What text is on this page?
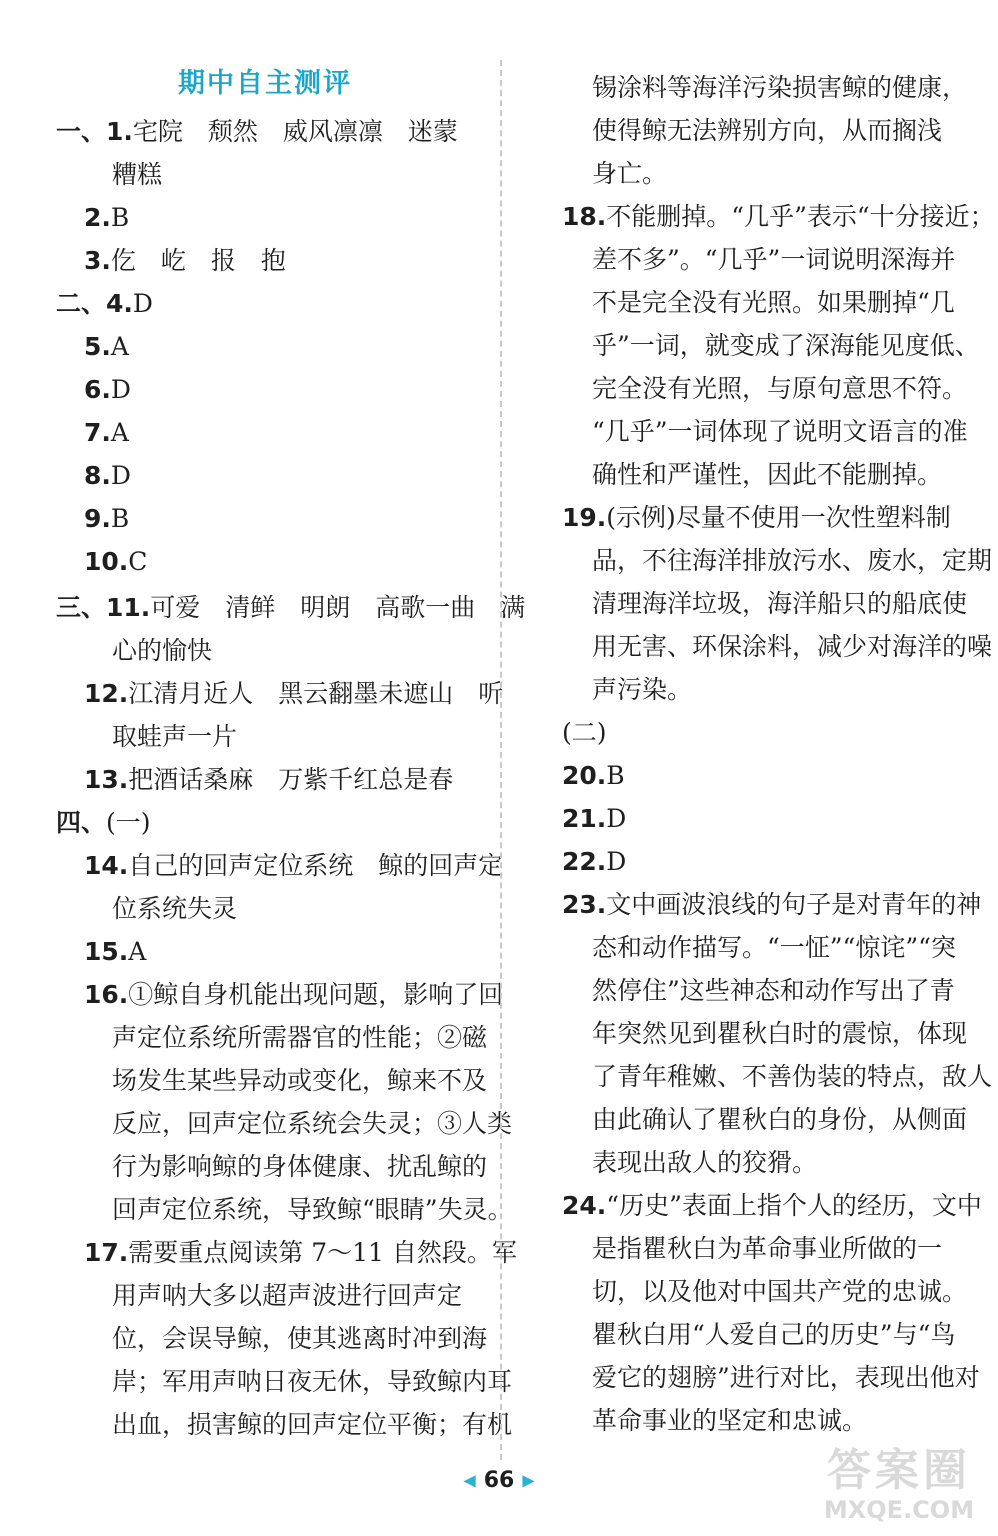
期中自主测评
一、1.宅院　颓然　威风凛凛　迷蒙
糟糕
2.B
3.仡　屹　报　抱
二、4.D
5.A
6.D
7.A
8.D
9.B
10.C
三、11.可爱　清鲜　明朗　高歌一曲　满
心的愉快
12.江清月近人　黑云翻墨未遮山　听
取蛙声一片
13.把酒话桑麻　万紫千红总是春
四、(一)
14.自己的回声定位系统　鲸的回声定
位系统失灵
15.A
16.①鲸自身机能出现问题，影响了回
声定位系统所需器官的性能；②磁
场发生某些异动或变化，鲸来不及
反应，回声定位系统会失灵；③人类
行为影响鲸的身体健康、扰乱鲸的
回声定位系统，导致鲸“眼睛”失灵。
17.需要重点阅读第 7～11 自然段。军
用声呐大多以超声波进行回声定
位，会误导鲸，使其逃离时冲到海
岸；军用声呐日夜无休，导致鲸内耳
出血，损害鲸的回声定位平衡；有机
锡涂料等海洋污染损害鲸的健康，
使得鲸无法辨别方向，从而搁浅
身亡。
18.不能删掉。“几乎”表示“十分接近；
差不多”。“几乎”一词说明深海并
不是完全没有光照。如果删掉“几
乎”一词，就变成了深海能见度低、
完全没有光照，与原句意思不符。
“几乎”一词体现了说明文语言的准
确性和严谨性，因此不能删掉。
19.(示例)尽量不使用一次性塑料制
品，不往海洋排放污水、废水，定期
清理海洋垃圾，海洋船只的船底使
用无害、环保涂料，减少对海洋的噪
声污染。
(二)
20.B
21.D
22.D
23.文中画波浪线的句子是对青年的神
态和动作描写。“一怔”“惊诧”“突
然停住”这些神态和动作写出了青
年突然见到瞿秋白时的震惊，体现
了青年稚嫩、不善伪装的特点，敌人
由此确认了瞿秋白的身份，从侧面
表现出敌人的狡猾。
24.“历史”表面上指个人的经历，文中
是指瞿秋白为革命事业所做的一
切，以及他对中国共产党的忠诚。
瞿秋白用“人爱自己的历史”与“鸟
爱它的翅膀”进行对比，表现出他对
革命事业的坚定和忠诚。
◀ 66 ▶	答案圈
MXQE.COM
